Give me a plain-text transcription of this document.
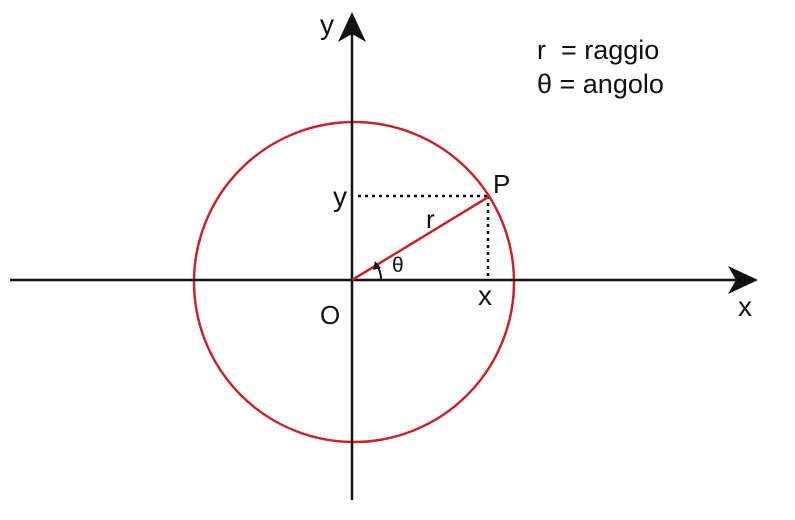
y
x
O
P
r
θ
y
x
r  = raggio
θ = angolo
